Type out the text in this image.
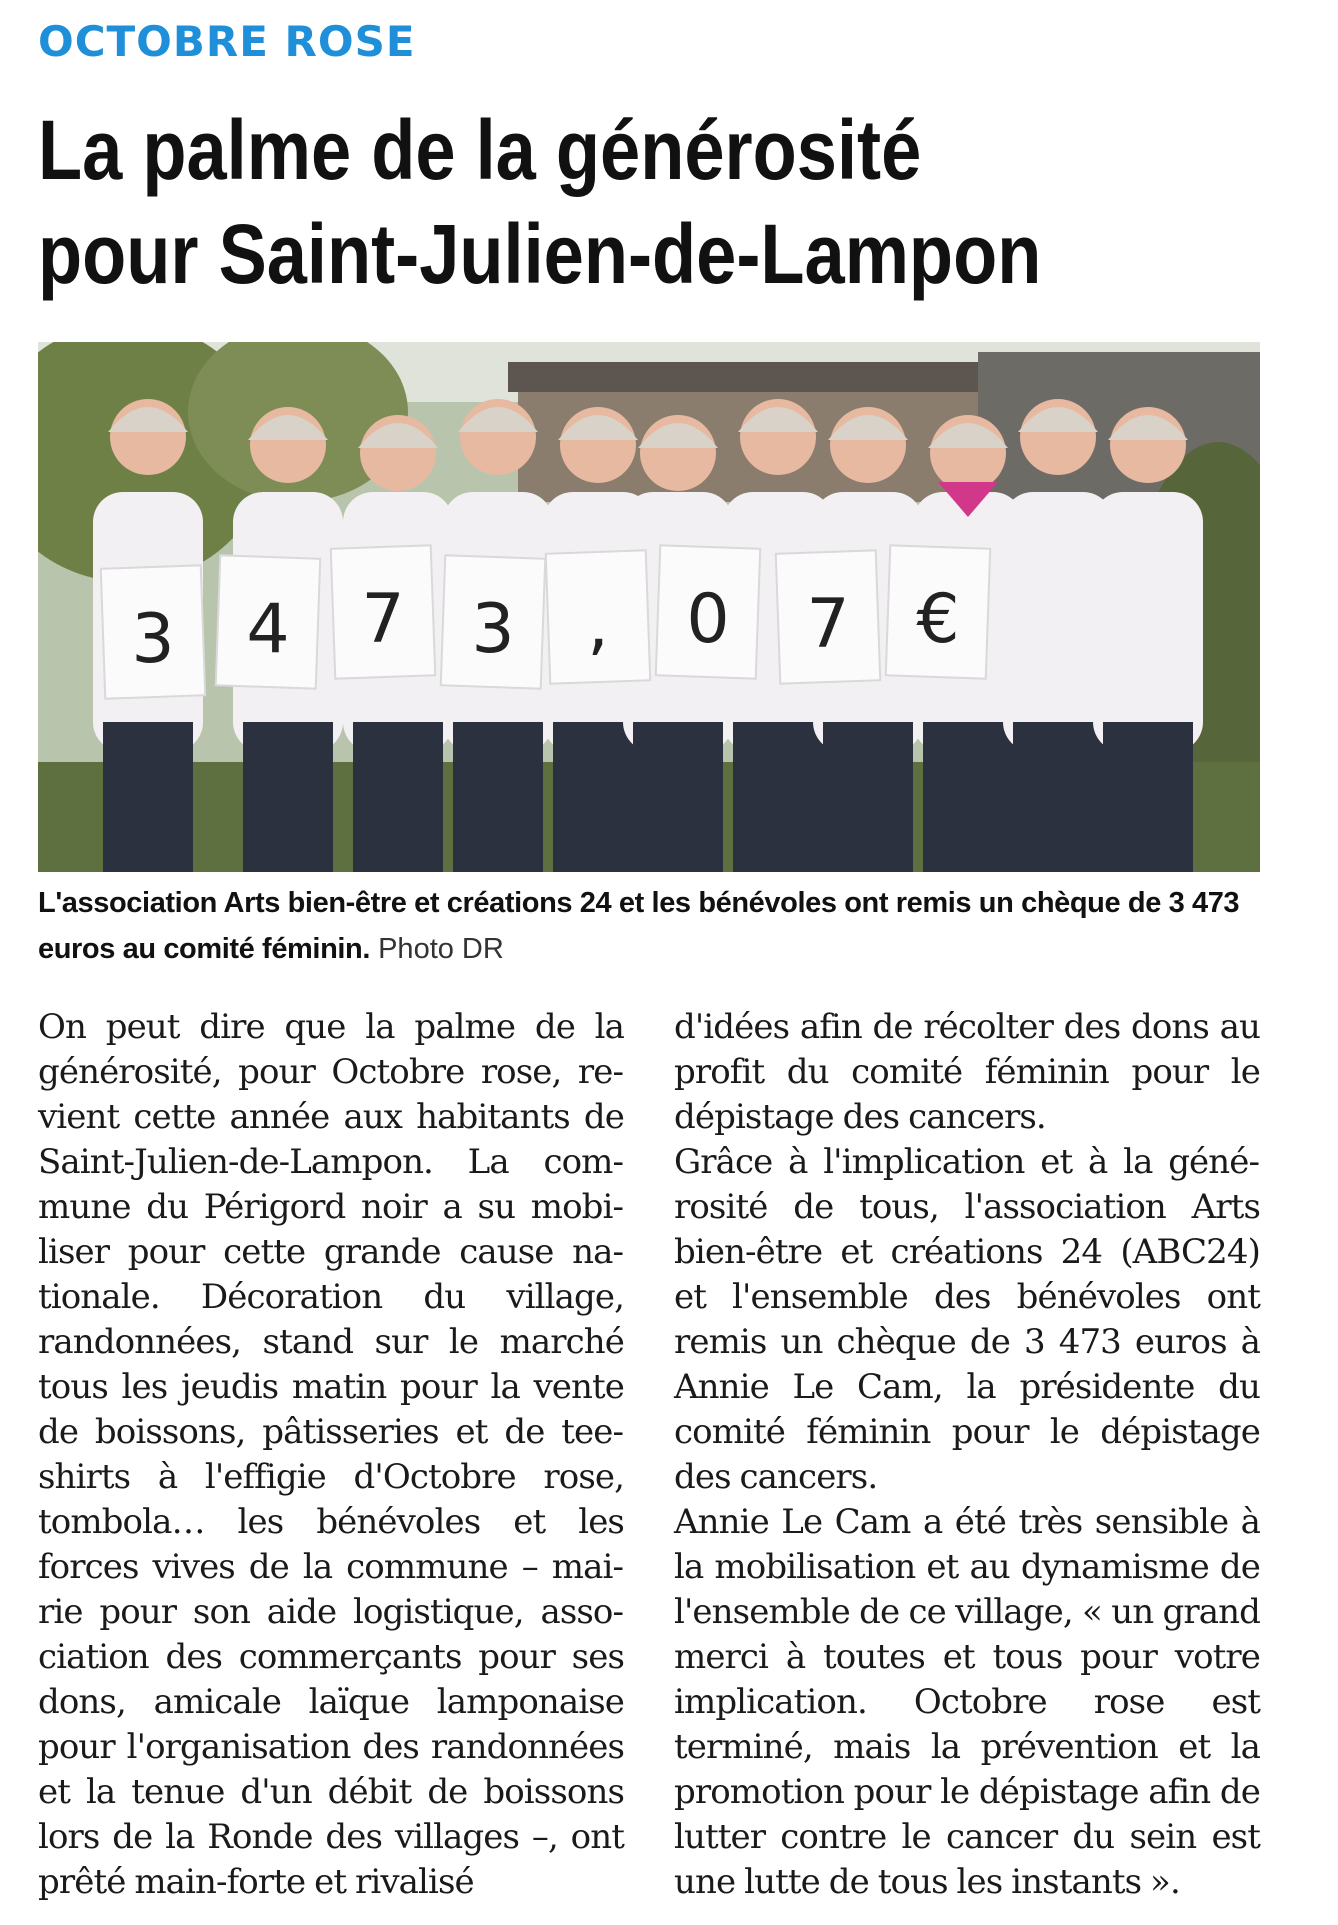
OCTOBRE ROSE
La palme de la générosité
pour Saint-Julien-de-Lampon
3 4 7 3 , 0 7 €
L'association Arts bien-être et créations 24 et les bénévoles ont remis un chèque de 3 473 euros au comité féminin. Photo DR

On peut dire que la palme de la générosité, pour Octobre rose, revient cette année aux habitants de Saint-Julien-de-Lampon. La commune du Périgord noir a su mobiliser pour cette grande cause nationale. Décoration du village, randonnées, stand sur le marché tous les jeudis matin pour la vente de boissons, pâtisseries et de teeshirts à l'effigie d'Octobre rose, tombola… les bénévoles et les forces vives de la commune – mairie pour son aide logistique, association des commerçants pour ses dons, amicale laïque lamponaise pour l'organisation des randonnées et la tenue d'un débit de boissons lors de la Ronde des villages –, ont prêté main-forte et rivalisé

d'idées afin de récolter des dons au profit du comité féminin pour le dépistage des cancers.

Grâce à l'implication et à la générosité de tous, l'association Arts bien-être et créations 24 (ABC24) et l'ensemble des bénévoles ont remis un chèque de 3 473 euros à Annie Le Cam, la présidente du comité féminin pour le dépistage des cancers.

Annie Le Cam a été très sensible à la mobilisation et au dynamisme de l'ensemble de ce village, « un grand merci à toutes et tous pour votre implication. Octobre rose est terminé, mais la prévention et la promotion pour le dépistage afin de lutter contre le cancer du sein est une lutte de tous les instants ».
